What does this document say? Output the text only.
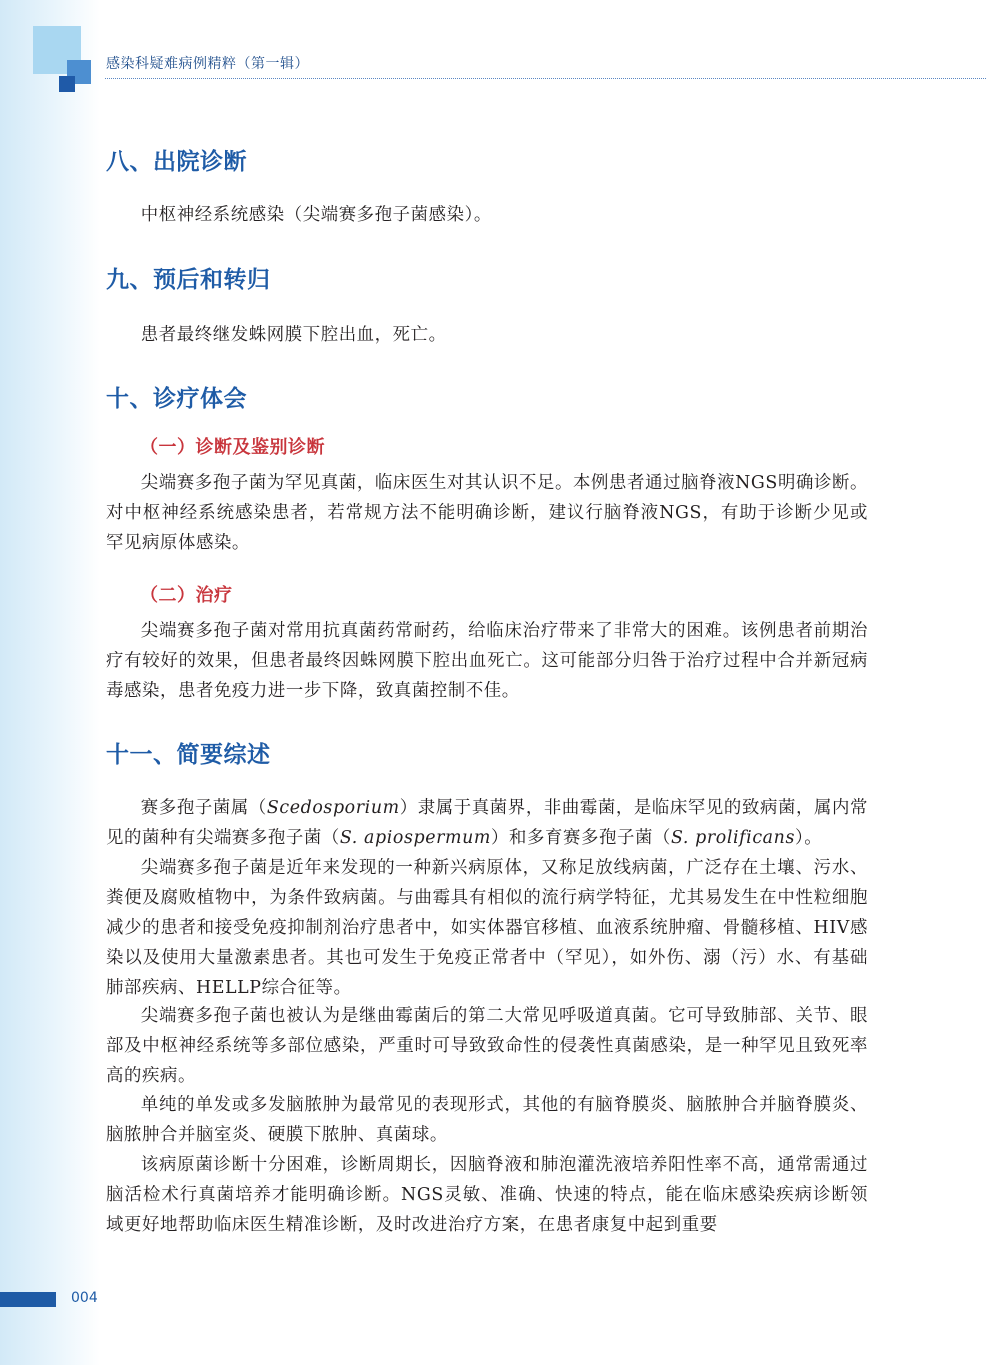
感染科疑难病例精粹（第一辑）
八、出院诊断

中枢神经系统感染（尖端赛多孢子菌感染）。

九、预后和转归

患者最终继发蛛网膜下腔出血，死亡。

十、诊疗体会
（一）诊断及鉴别诊断

尖端赛多孢子菌为罕见真菌，临床医生对其认识不足。本例患者通过脑脊液NGS明确诊断。对中枢神经系统感染患者，若常规方法不能明确诊断，建议行脑脊液NGS，有助于诊断少见或罕见病原体感染。

（二）治疗

尖端赛多孢子菌对常用抗真菌药常耐药，给临床治疗带来了非常大的困难。该例患者前期治疗有较好的效果，但患者最终因蛛网膜下腔出血死亡。这可能部分归咎于治疗过程中合并新冠病毒感染，患者免疫力进一步下降，致真菌控制不佳。

十一、简要综述

赛多孢子菌属（Scedosporium）隶属于真菌界，非曲霉菌，是临床罕见的致病菌，属内常见的菌种有尖端赛多孢子菌（S. apiospermum）和多育赛多孢子菌（S. prolificans）。

尖端赛多孢子菌是近年来发现的一种新兴病原体，又称足放线病菌，广泛存在土壤、污水、粪便及腐败植物中，为条件致病菌。与曲霉具有相似的流行病学特征，尤其易发生在中性粒细胞减少的患者和接受免疫抑制剂治疗患者中，如实体器官移植、血液系统肿瘤、骨髓移植、HIV感染以及使用大量激素患者。其也可发生于免疫正常者中（罕见），如外伤、溺（污）水、有基础肺部疾病、HELLP综合征等。

尖端赛多孢子菌也被认为是继曲霉菌后的第二大常见呼吸道真菌。它可导致肺部、关节、眼部及中枢神经系统等多部位感染，严重时可导致致命性的侵袭性真菌感染，是一种罕见且致死率高的疾病。

单纯的单发或多发脑脓肿为最常见的表现形式，其他的有脑脊膜炎、脑脓肿合并脑脊膜炎、脑脓肿合并脑室炎、硬膜下脓肿、真菌球。

该病原菌诊断十分困难，诊断周期长，因脑脊液和肺泡灌洗液培养阳性率不高，通常需通过脑活检术行真菌培养才能明确诊断。NGS灵敏、准确、快速的特点，能在临床感染疾病诊断领域更好地帮助临床医生精准诊断，及时改进治疗方案，在患者康复中起到重要

004
